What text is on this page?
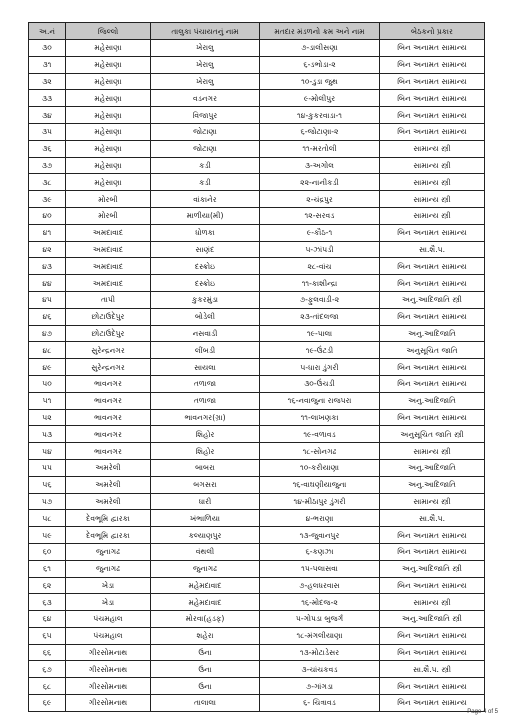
અ.નં	જિલ્લો	તાલુકા પંચાયતનું નામ	મતદાર મંડળનો ક્રમ અને નામ	બેઠકનો પ્રકાર
૩૦	મહેસાણા	ખેરાલુ	૭-ડાલીસણા	બિન અનામત સામાન્ય
૩૧	મહેસાણા	ખેરાલુ	૬-ડભોડા-૨	બિન અનામત સામાન્ય
૩૨	મહેસાણા	ખેરાલુ	૧૦-ડુડા જુથ	બિન અનામત સામાન્ય
૩૩	મહેસાણા	વડનગર	૯-મોલીપુર	બિન અનામત સામાન્ય
૩૪	મહેસાણા	વિજાપુર	૧૪-કુકરવાડા-૧	બિન અનામત સામાન્ય
૩૫	મહેસાણા	જોટાણા	૬-જોટાણા-૨	બિન અનામત સામાન્ય
૩૬	મહેસાણા	જોટાણા	૧૧-મરતોલી	સામાન્ય સ્ત્રી
૩૭	મહેસાણા	કડી	૩-અગોલ	સામાન્ય સ્ત્રી
૩૮	મહેસાણા	કડી	૨૨-નાનીકડી	સામાન્ય સ્ત્રી
૩૯	મોરબી	વાંકાનેર	૨-ચંદ્રપુર	સામાન્ય સ્ત્રી
૪૦	મોરબી	માળીયા(મી)	૧૨-સરવડ	સામાન્ય સ્ત્રી
૪૧	અમદાવાદ	ધોળકા	૯-કૌઠ-૧	બિન અનામત સામાન્ય
૪૨	અમદાવાદ	સાણંદ	૫-ઝાંપડી	સા.શૈ.પ.
૪૩	અમદાવાદ	દસ્ક્રોઇ	૨૮-વાંચ	બિન અનામત સામાન્ય
૪૪	અમદાવાદ	દસ્ક્રોઇ	૧૧-કાશીન્દ્રા	બિન અનામત સામાન્ય
૪૫	તાપી	કુકરમુંડા	૭-ફુલવાડી-૨	અનુ.આદિજાતિ સ્ત્રી
૪૬	છોટાઉદેપુર	બોડેલી	૨૩-તાંદલજા	બિન અનામત સામાન્ય
૪૭	છોટાઉદેપુર	નસવાડી	૧૯-પાલા	અનુ.આદિજાતિ
૪૮	સુરેન્દ્રનગર	લીંબડી	૧૯-ઉંટડી	અનુસૂચિત જાતિ
૪૯	સુરેન્દ્રનગર	સાયલા	૫-ધારા ડુંગરી	બિન અનામત સામાન્ય
૫૦	ભાવનગર	તળાજા	૩૦-ઉંચડી	બિન અનામત સામાન્ય
૫૧	ભાવનગર	તળાજા	૧૬-નવાજુના રાજપરા	અનુ.આદિજાતિ
૫૨	ભાવનગર	ભાવનગર(ગ્રા)	૧૧-લાખણકા	બિન અનામત સામાન્ય
૫૩	ભાવનગર	શિહોર	૧૯-વળાવડ	અનુસૂચિત જાતિ સ્ત્રી
૫૪	ભાવનગર	શિહોર	૧૮-સોનગઢ	સામાન્ય સ્ત્રી
૫૫	અમરેલી	બાબરા	૧૦-કરીયાણા	અનુ.આદિજાતિ
૫૬	અમરેલી	બગસરા	૧૬-વાઘણીયાજુના	અનુ.આદિજાતિ
૫૭	અમરેલી	ધારી	૧૪-મીઠાપુર ડુંગરી	સામાન્ય સ્ત્રી
૫૮	દેવભૂમિ દ્વારકા	ખંભાળિયા	૪-ભરાણા	સા.શૈ.પ.
૫૯	દેવભૂમિ દ્વારકા	કલ્યાણપુર	૧૩-જુવાનપુર	બિન અનામત સામાન્ય
૬૦	જુનાગઢ	વંથલી	૬-કણઝા	બિન અનામત સામાન્ય
૬૧	જુનાગઢ	જુનાગઢ	૧૫-પલાસવા	અનુ.આદિજાતિ સ્ત્રી
૬૨	ખેડા	મહેમદાવાદ	૭-હલધરવાસ	બિન અનામત સામાન્ય
૬૩	ખેડા	મહેમદાવાદ	૧૬-મોદજ-૨	સામાન્ય સ્ત્રી
૬૪	પંચમહાલ	મોરવા(હડફ)	૫-ગોપડા બુજર્ગ	અનુ.આદિજાતિ સ્ત્રી
૬૫	પંચમહાલ	શહેરા	૧૮-મંગલીયાણા	બિન અનામત સામાન્ય
૬૬	ગીરસોમનાથ	ઉના	૧૩-મોટાડેસર	બિન અનામત સામાન્ય
૬૭	ગીરસોમનાથ	ઉના	૩-ચાંચકવડ	સા.શૈ.પ. સ્ત્રી
૬૮	ગીરસોમનાથ	ઉના	૭-ગાંગડા	બિન અનામત સામાન્ય
૬૯	ગીરસોમનાથ	તાલાલા	૬- ચિત્રાવડ	બિન અનામત સામાન્ય
Page 4 of 5
